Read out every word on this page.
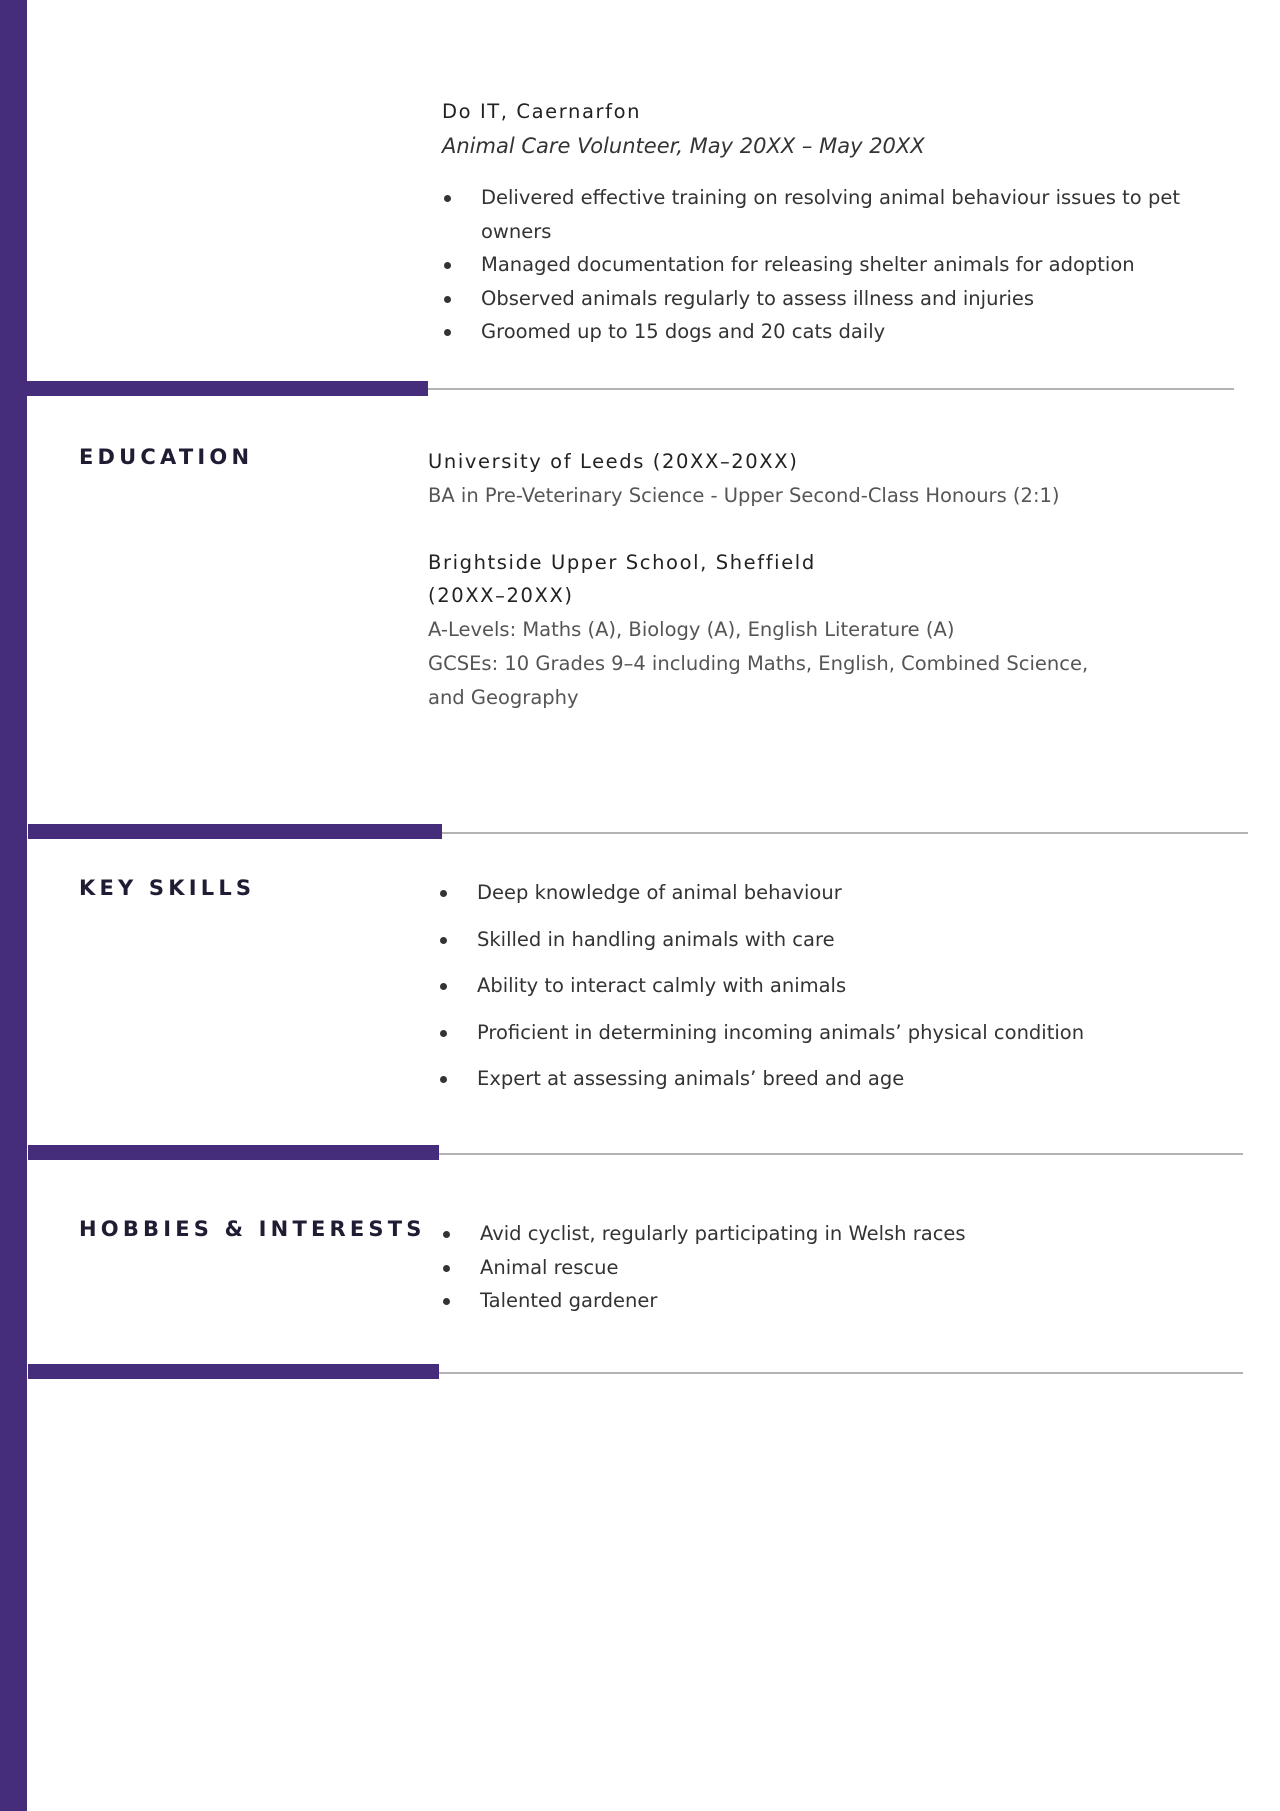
Do IT, Caernarfon
Animal Care Volunteer, May 20XX – May 20XX
Delivered effective training on resolving animal behaviour issues to pet owners
Managed documentation for releasing shelter animals for adoption
Observed animals regularly to assess illness and injuries
Groomed up to 15 dogs and 20 cats daily
EDUCATION	University of Leeds (20XX–20XX)
BA in Pre-Veterinary Science - Upper Second-Class Honours (2:1)
Brightside Upper School, Sheffield
(20XX–20XX)
A-Levels: Maths (A), Biology (A), English Literature (A)
GCSEs: 10 Grades 9–4 including Maths, English, Combined Science, and Geography
KEY SKILLS	Deep knowledge of animal behaviour
Skilled in handling animals with care
Ability to interact calmly with animals
Proficient in determining incoming animals’ physical condition
Expert at assessing animals’ breed and age
HOBBIES & INTERESTS	Avid cyclist, regularly participating in Welsh races
Animal rescue
Talented gardener
